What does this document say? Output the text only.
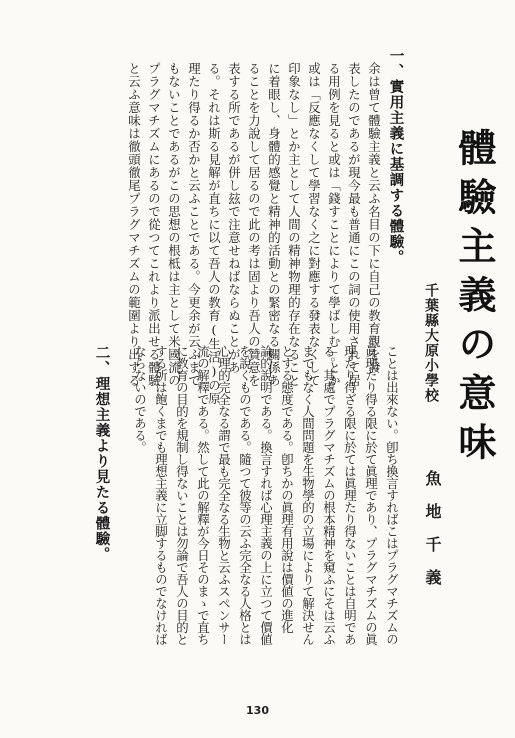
體驗主義の意味
千葉縣大原小學校
魚地千義
一、實用主義に基調する體驗。
余は曾て體驗主義と云ふ名目の下に自己の教育觀を發
表したのであるが現今最も普通にこの詞の使用されて居
る用例を見ると或は「錢すことによりて學ばしむ」とか
或は「反應なくして學習なく之に對應する發表なくして
印象なし」とか主として人間の精神物理的存在なること
に着眼し、身體的感覺と精神的活動との緊密なる關係あ
ることを力說して居るので此の考は固より吾人の贊意を
表する所であるが併し玆で注意せねばならぬことがあ
る。それは斯る見解が直ちに以て吾人の教育(生活)の原
理たり得るか否かと云ふことである。今更余が云ふまで
もないことであるがこの思想の根柢は主として米國流の
プラグマチズムにあるので從つてこれより派出せる體驗
と云ふ意味は徹頭徹尾プラグマチズムの範圍より出する
ことは出來ない。卽ち換言すればこはプラグマチズムの
眞理たり得る限に於て眞理であり、プラグマチズムの眞
理たり得ざる限に於ては眞理たり得ないことは自明であ
る。其處でプラグマチズムの根本精神を窺ふにそは云ふ
までもなく人間問題を生物學的の立場によりて解決せん
とする態度である。卽ちかの眞理有用說は價値の進化
論的說明である。換言すれば心理主義の上に立つて價値
を說くものである。隨つて彼等の云ふ完全なる人格とは
心理的完全なる謂で最も完全なる生物と云ふスペンサー
流の解釋である。然して此の解釋が今日そのまゝで直ち
に教育の目的を規制し得ないことは勿論で吾人の目的と
する所は飽くまでも理想主義に立脚するものでなければ
ならないのである。
二、理想主義より見たる體驗。
130
